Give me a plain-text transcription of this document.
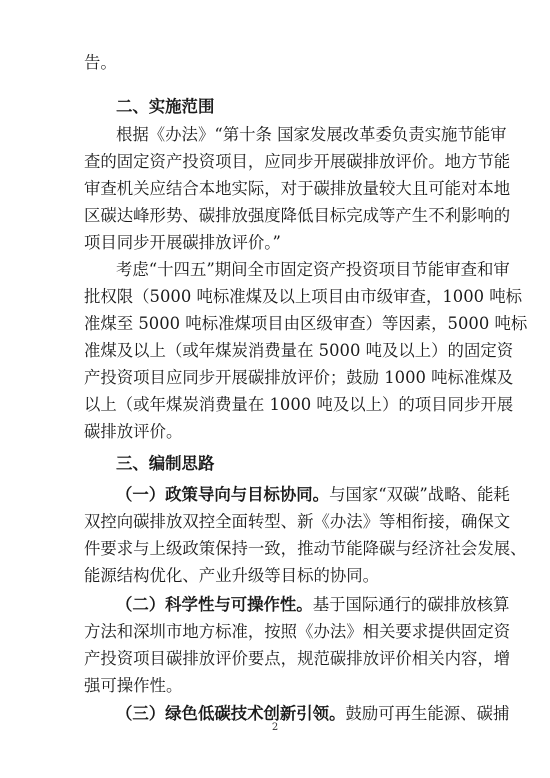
告。
二、实施范围
根据《办法》“第十条 国家发展改革委负责实施节能审
查的固定资产投资项目，应同步开展碳排放评价。地方节能
审查机关应结合本地实际，对于碳排放量较大且可能对本地
区碳达峰形势、碳排放强度降低目标完成等产生不利影响的
项目同步开展碳排放评价。”
考虑“十四五”期间全市固定资产投资项目节能审查和审
批权限（5000 吨标准煤及以上项目由市级审查，1000 吨标
准煤至 5000 吨标准煤项目由区级审查）等因素，5000 吨标
准煤及以上（或年煤炭消费量在 5000 吨及以上）的固定资
产投资项目应同步开展碳排放评价；鼓励 1000 吨标准煤及
以上（或年煤炭消费量在 1000 吨及以上）的项目同步开展
碳排放评价。
三、编制思路
（一）政策导向与目标协同。与国家“双碳”战略、能耗
双控向碳排放双控全面转型、新《办法》等相衔接，确保文
件要求与上级政策保持一致，推动节能降碳与经济社会发展、
能源结构优化、产业升级等目标的协同。
（二）科学性与可操作性。基于国际通行的碳排放核算
方法和深圳市地方标准，按照《办法》相关要求提供固定资
产投资项目碳排放评价要点，规范碳排放评价相关内容，增
强可操作性。
（三）绿色低碳技术创新引领。鼓励可再生能源、碳捕
2
